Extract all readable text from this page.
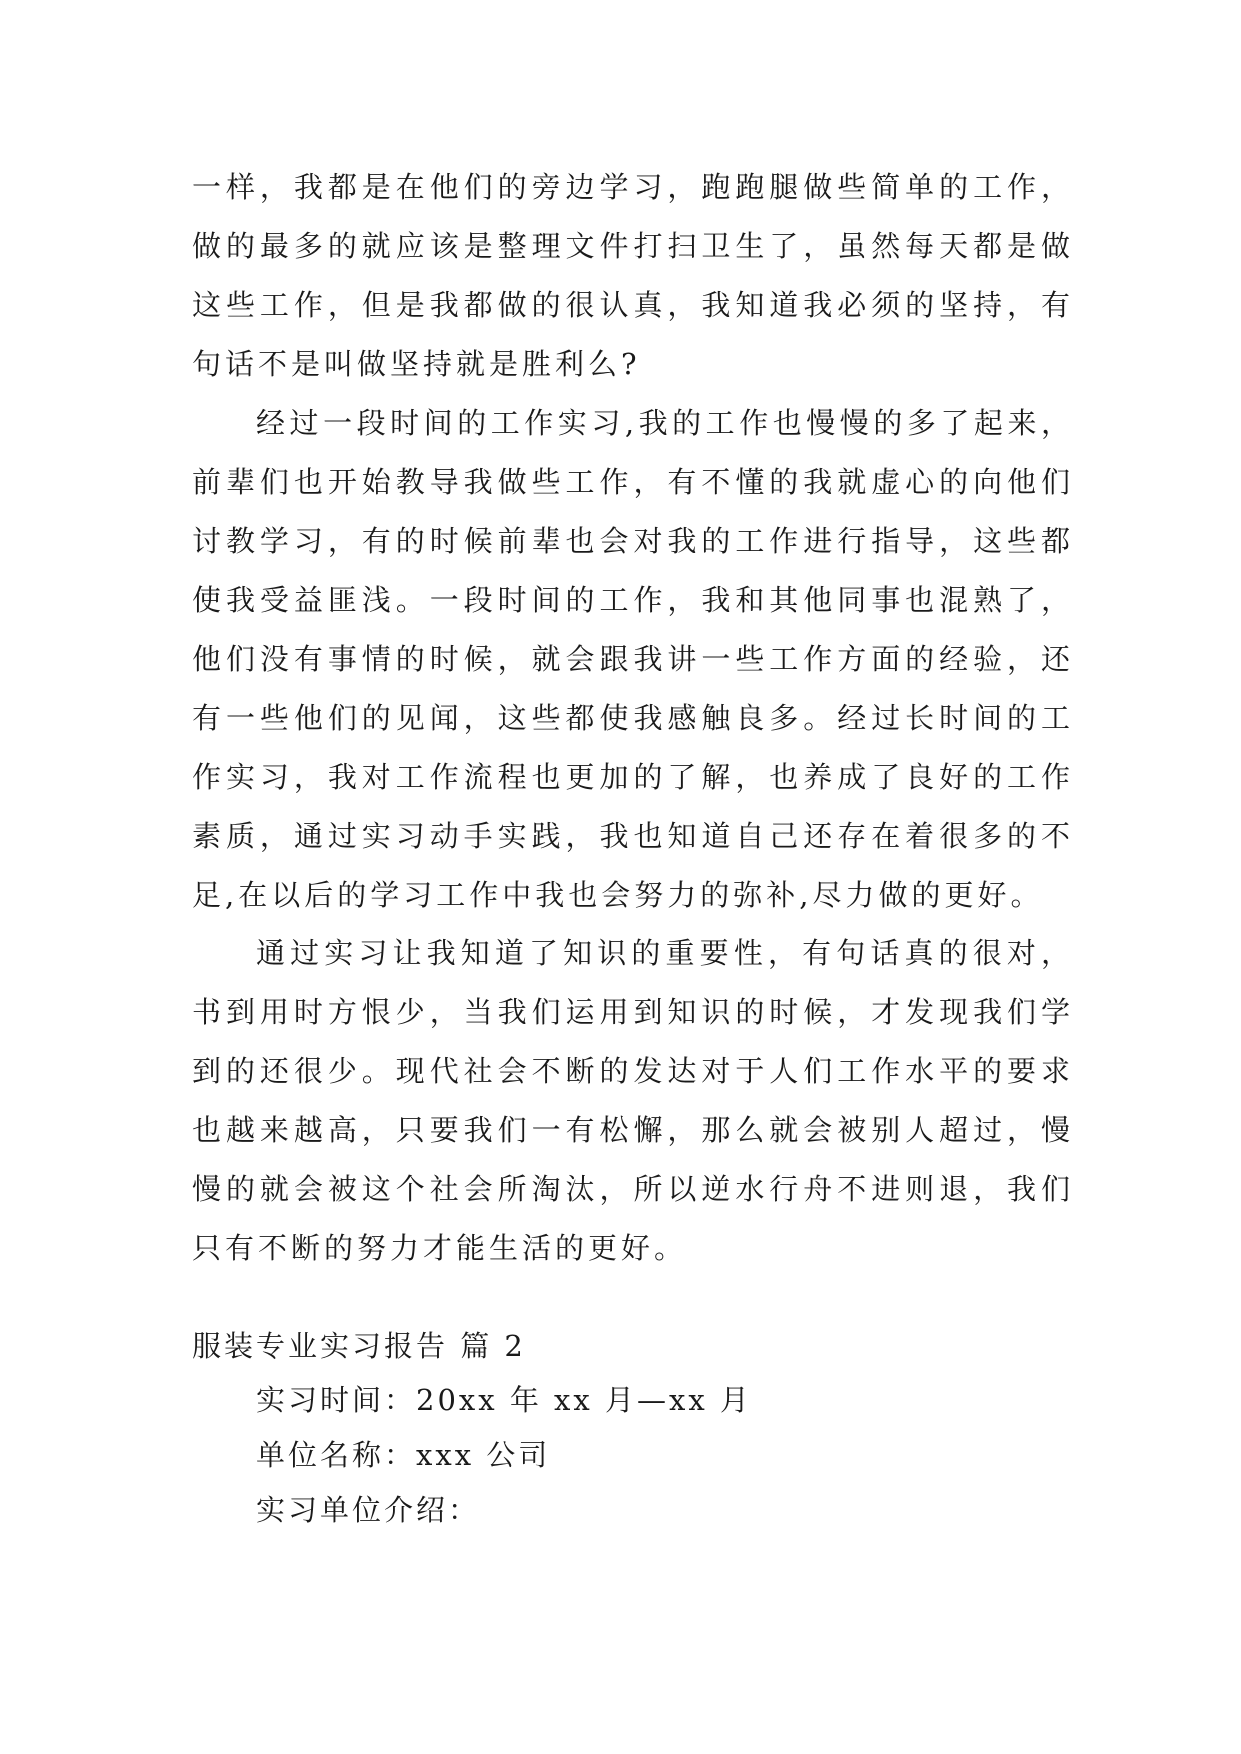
一样，我都是在他们的旁边学习，跑跑腿做些简单的工作，做的最多的就应该是整理文件打扫卫生了，虽然每天都是做这些工作，但是我都做的很认真，我知道我必须的坚持，有句话不是叫做坚持就是胜利么?
经过一段时间的工作实习,我的工作也慢慢的多了起来，前辈们也开始教导我做些工作，有不懂的我就虚心的向他们讨教学习，有的时候前辈也会对我的工作进行指导，这些都使我受益匪浅。一段时间的工作，我和其他同事也混熟了，他们没有事情的时候，就会跟我讲一些工作方面的经验，还有一些他们的见闻，这些都使我感触良多。经过长时间的工作实习，我对工作流程也更加的了解，也养成了良好的工作素质，通过实习动手实践，我也知道自己还存在着很多的不足,在以后的学习工作中我也会努力的弥补,尽力做的更好。
通过实习让我知道了知识的重要性，有句话真的很对，书到用时方恨少，当我们运用到知识的时候，才发现我们学到的还很少。现代社会不断的发达对于人们工作水平的要求也越来越高，只要我们一有松懈，那么就会被别人超过，慢慢的就会被这个社会所淘汰，所以逆水行舟不进则退，我们只有不断的努力才能生活的更好。
服装专业实习报告 篇 2
实习时间：20xx 年 xx 月—xx 月
单位名称：xxx 公司
实习单位介绍：
